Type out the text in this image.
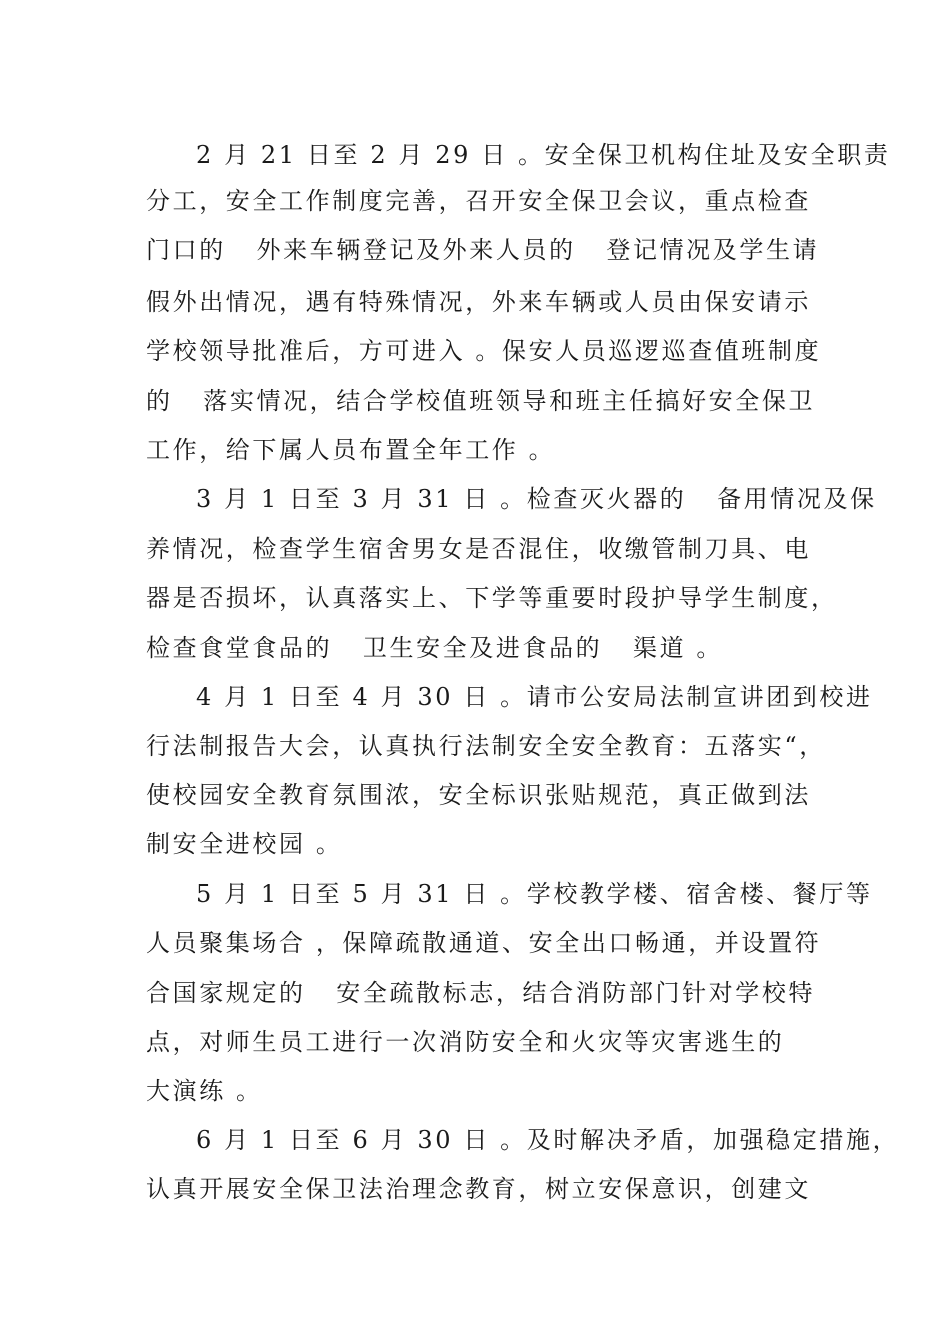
2 月 21 日至 2 月 29 日 。安全保卫机构住址及安全职责
分工，安全工作制度完善，召开安全保卫会议，重点检查
门口的   外来车辆登记及外来人员的   登记情况及学生请
假外出情况，遇有特殊情况，外来车辆或人员由保安请示
学校领导批准后，方可进入 。保安人员巡逻巡查值班制度
的   落实情况，结合学校值班领导和班主任搞好安全保卫
工作，给下属人员布置全年工作 。
3 月 1 日至 3 月 31 日 。检查灭火器的   备用情况及保
养情况，检查学生宿舍男女是否混住，收缴管制刀具、电
器是否损坏，认真落实上、下学等重要时段护导学生制度，
检查食堂食品的   卫生安全及进食品的   渠道 。
4 月 1 日至 4 月 30 日 。请市公安局法制宣讲团到校进
行法制报告大会，认真执行法制安全安全教育：五落实“，
使校园安全教育氛围浓，安全标识张贴规范，真正做到法
制安全进校园 。
5 月 1 日至 5 月 31 日 。学校教学楼、宿舍楼、餐厅等
人员聚集场合 ，保障疏散通道、安全出口畅通，并设置符
合国家规定的   安全疏散标志，结合消防部门针对学校特
点，对师生员工进行一次消防安全和火灾等灾害逃生的
大演练 。
6 月 1 日至 6 月 30 日 。及时解决矛盾，加强稳定措施，
认真开展安全保卫法治理念教育，树立安保意识，创建文
